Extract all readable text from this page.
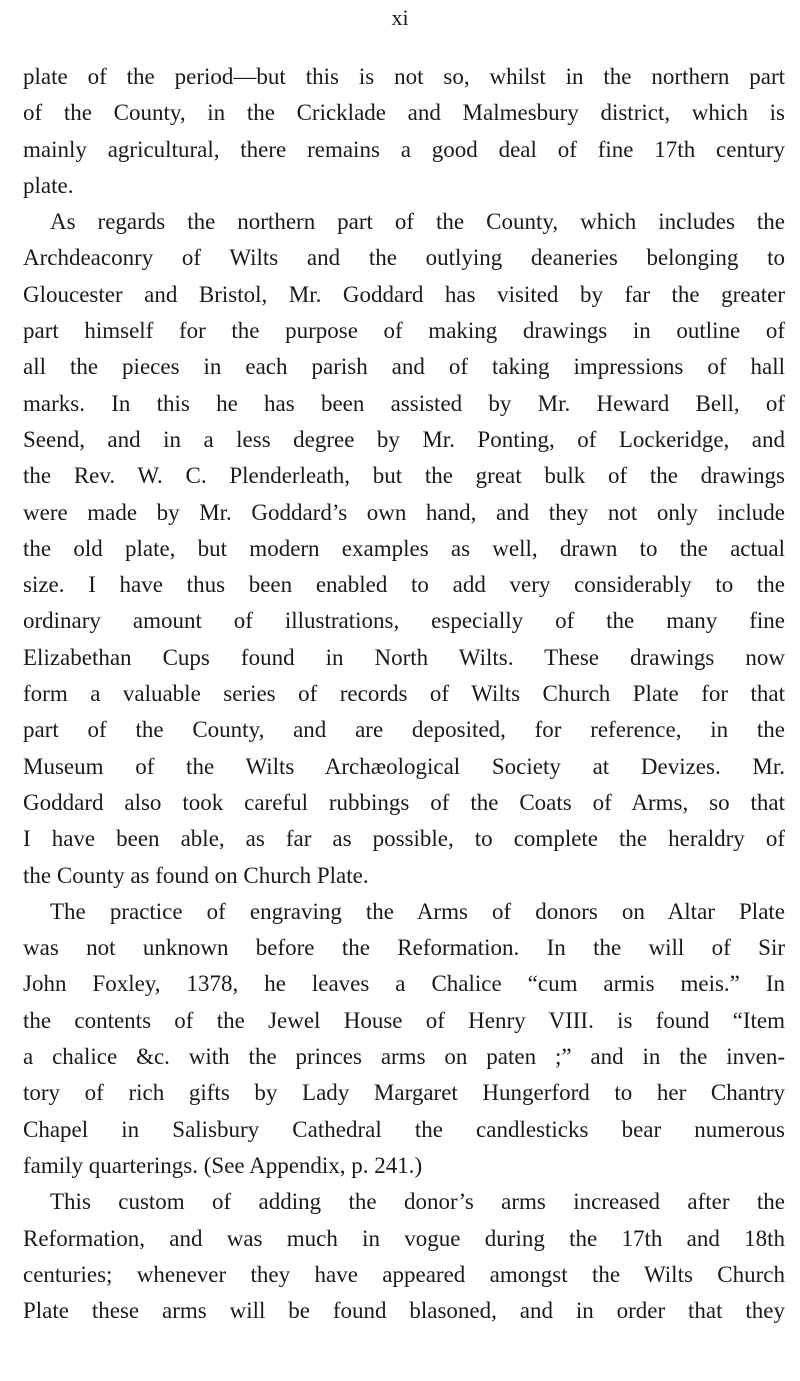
xi
plate of the period—but this is not so, whilst in the northern part
of the County, in the Cricklade and Malmesbury district, which is
mainly agricultural, there remains a good deal of fine 17th century
plate.
As regards the northern part of the County, which includes the
Archdeaconry of Wilts and the outlying deaneries belonging to
Gloucester and Bristol, Mr. Goddard has visited by far the greater
part himself for the purpose of making drawings in outline of
all the pieces in each parish and of taking impressions of hall
marks. In this he has been assisted by Mr. Heward Bell, of
Seend, and in a less degree by Mr. Ponting, of Lockeridge, and
the Rev. W. C. Plenderleath, but the great bulk of the drawings
were made by Mr. Goddard’s own hand, and they not only include
the old plate, but modern examples as well, drawn to the actual
size. I have thus been enabled to add very considerably to the
ordinary amount of illustrations, especially of the many fine
Elizabethan Cups found in North Wilts. These drawings now
form a valuable series of records of Wilts Church Plate for that
part of the County, and are deposited, for reference, in the
Museum of the Wilts Archæological Society at Devizes. Mr.
Goddard also took careful rubbings of the Coats of Arms, so that
I have been able, as far as possible, to complete the heraldry of
the County as found on Church Plate.
The practice of engraving the Arms of donors on Altar Plate
was not unknown before the Reformation. In the will of Sir
John Foxley, 1378, he leaves a Chalice “cum armis meis.” In
the contents of the Jewel House of Henry VIII. is found “Item
a chalice &c. with the princes arms on paten ;” and in the inven-
tory of rich gifts by Lady Margaret Hungerford to her Chantry
Chapel in Salisbury Cathedral the candlesticks bear numerous
family quarterings. (See Appendix, p. 241.)
This custom of adding the donor’s arms increased after the
Reformation, and was much in vogue during the 17th and 18th
centuries; whenever they have appeared amongst the Wilts Church
Plate these arms will be found blasoned, and in order that they
